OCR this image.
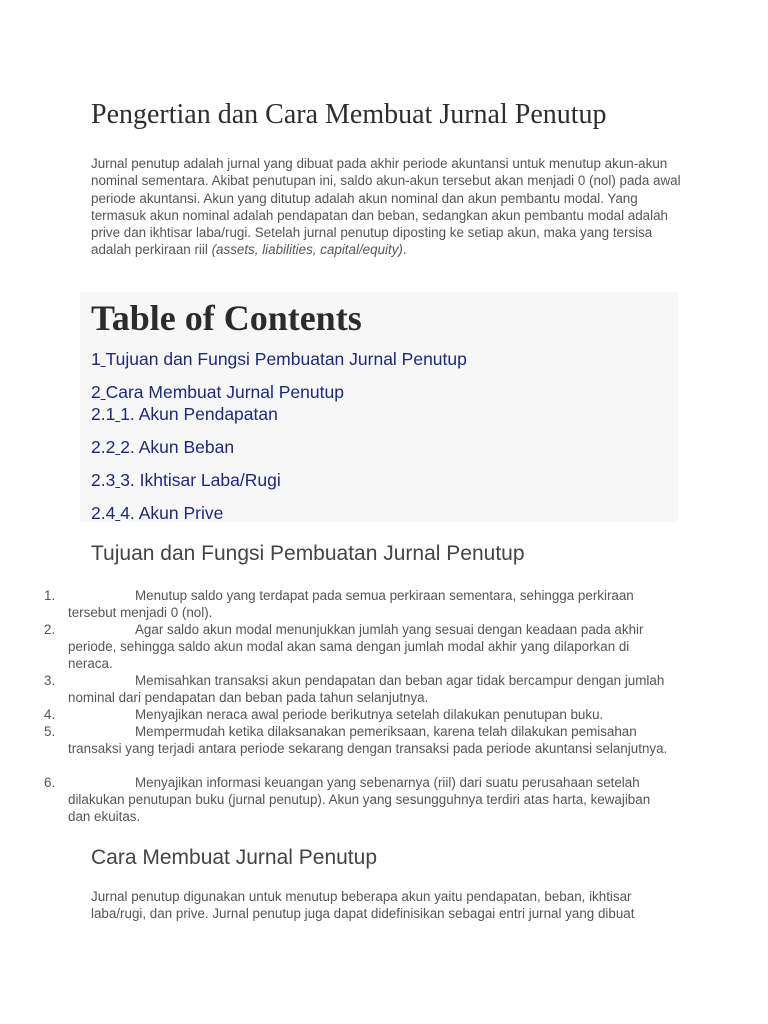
Pengertian dan Cara Membuat Jurnal Penutup

Jurnal penutup adalah jurnal yang dibuat pada akhir periode akuntansi untuk menutup akun-akun nominal sementara. Akibat penutupan ini, saldo akun-akun tersebut akan menjadi 0 (nol) pada awal periode akuntansi. Akun yang ditutup adalah akun nominal dan akun pembantu modal. Yang termasuk akun nominal adalah pendapatan dan beban, sedangkan akun pembantu modal adalah prive dan ikhtisar laba/rugi. Setelah jurnal penutup diposting ke setiap akun, maka yang tersisa adalah perkiraan riil (assets, liabilities, capital/equity).

Table of Contents
1 Tujuan dan Fungsi Pembuatan Jurnal Penutup
2 Cara Membuat Jurnal Penutup
2.1 1. Akun Pendapatan
2.2 2. Akun Beban
2.3 3. Ikhtisar Laba/Rugi
2.4 4. Akun Prive
Tujuan dan Fungsi Pembuatan Jurnal Penutup
1.	Menutup saldo yang terdapat pada semua perkiraan sementara, sehingga perkiraan tersebut menjadi 0 (nol).
2.	Agar saldo akun modal menunjukkan jumlah yang sesuai dengan keadaan pada akhir periode, sehingga saldo akun modal akan sama dengan jumlah modal akhir yang dilaporkan di neraca.
3.	Memisahkan transaksi akun pendapatan dan beban agar tidak bercampur dengan jumlah nominal dari pendapatan dan beban pada tahun selanjutnya.
4.	Menyajikan neraca awal periode berikutnya setelah dilakukan penutupan buku.
5.	Mempermudah ketika dilaksanakan pemeriksaan, karena telah dilakukan pemisahan transaksi yang terjadi antara periode sekarang dengan transaksi pada periode akuntansi selanjutnya.
6.	Menyajikan informasi keuangan yang sebenarnya (riil) dari suatu perusahaan setelah dilakukan penutupan buku (jurnal penutup). Akun yang sesungguhnya terdiri atas harta, kewajiban dan ekuitas.
Cara Membuat Jurnal Penutup

Jurnal penutup digunakan untuk menutup beberapa akun yaitu pendapatan, beban, ikhtisar laba/rugi, dan prive. Jurnal penutup juga dapat didefinisikan sebagai entri jurnal yang dibuat
